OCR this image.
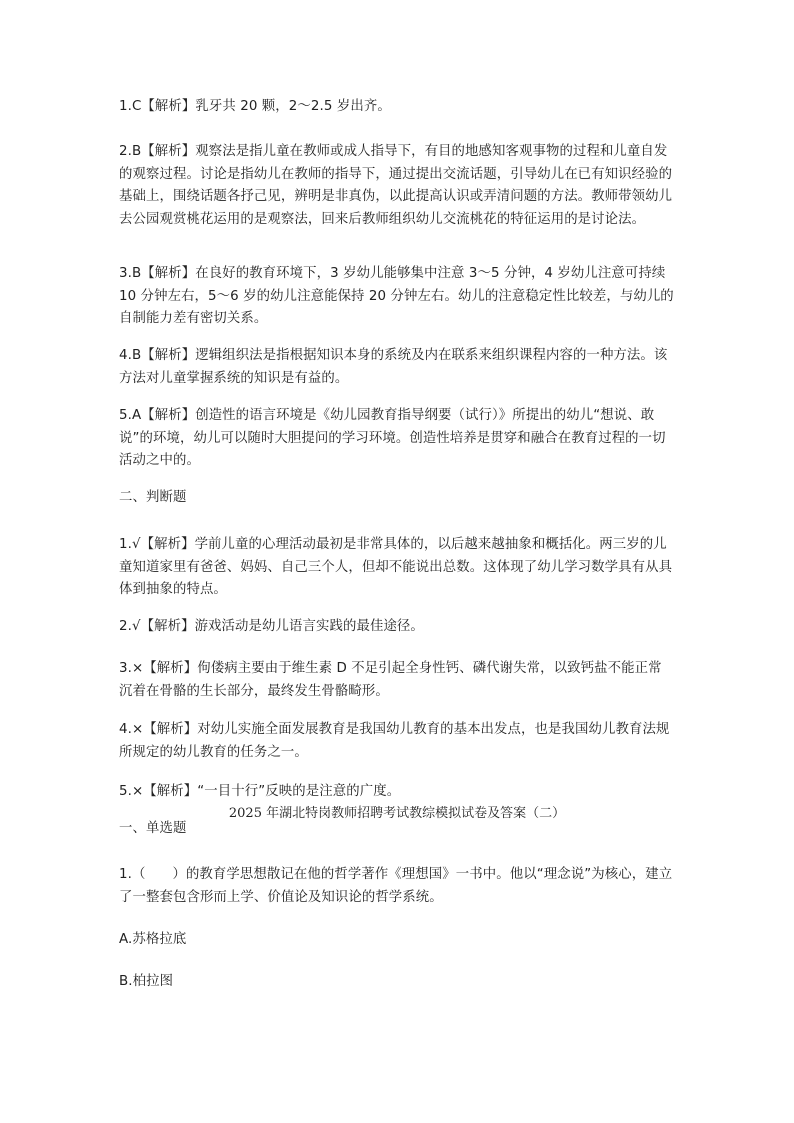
1.C【解析】乳牙共 20 颗，2～2.5 岁出齐。

2.B【解析】观察法是指儿童在教师或成人指导下，有目的地感知客观事物的过程和儿童自发的观察过程。讨论是指幼儿在教师的指导下，通过提出交流话题，引导幼儿在已有知识经验的基础上，围绕话题各抒己见，辨明是非真伪，以此提高认识或弄清问题的方法。教师带领幼儿去公园观赏桃花运用的是观察法，回来后教师组织幼儿交流桃花的特征运用的是讨论法。

3.B【解析】在良好的教育环境下，3 岁幼儿能够集中注意 3～5 分钟，4 岁幼儿注意可持续 10 分钟左右，5～6 岁的幼儿注意能保持 20 分钟左右。幼儿的注意稳定性比较差，与幼儿的自制能力差有密切关系。

4.B【解析】逻辑组织法是指根据知识本身的系统及内在联系来组织课程内容的一种方法。该方法对儿童掌握系统的知识是有益的。

5.A【解析】创造性的语言环境是《幼儿园教育指导纲要（试行）》所提出的幼儿“想说、敢说”的环境，幼儿可以随时大胆提问的学习环境。创造性培养是贯穿和融合在教育过程的一切活动之中的。

二、判断题

1.√【解析】学前儿童的心理活动最初是非常具体的，以后越来越抽象和概括化。两三岁的儿童知道家里有爸爸、妈妈、自己三个人，但却不能说出总数。这体现了幼儿学习数学具有从具体到抽象的特点。

2.√【解析】游戏活动是幼儿语言实践的最佳途径。

3.×【解析】佝偻病主要由于维生素 D 不足引起全身性钙、磷代谢失常，以致钙盐不能正常沉着在骨骼的生长部分，最终发生骨骼畸形。

4.×【解析】对幼儿实施全面发展教育是我国幼儿教育的基本出发点，也是我国幼儿教育法规所规定的幼儿教育的任务之一。

5.×【解析】“一目十行”反映的是注意的广度。

2025 年湖北特岗教师招聘考试教综模拟试卷及答案（二）

一、单选题

1.（　　）的教育学思想散记在他的哲学著作《理想国》一书中。他以“理念说”为核心，建立了一整套包含形而上学、价值论及知识论的哲学系统。

A.苏格拉底

B.柏拉图
